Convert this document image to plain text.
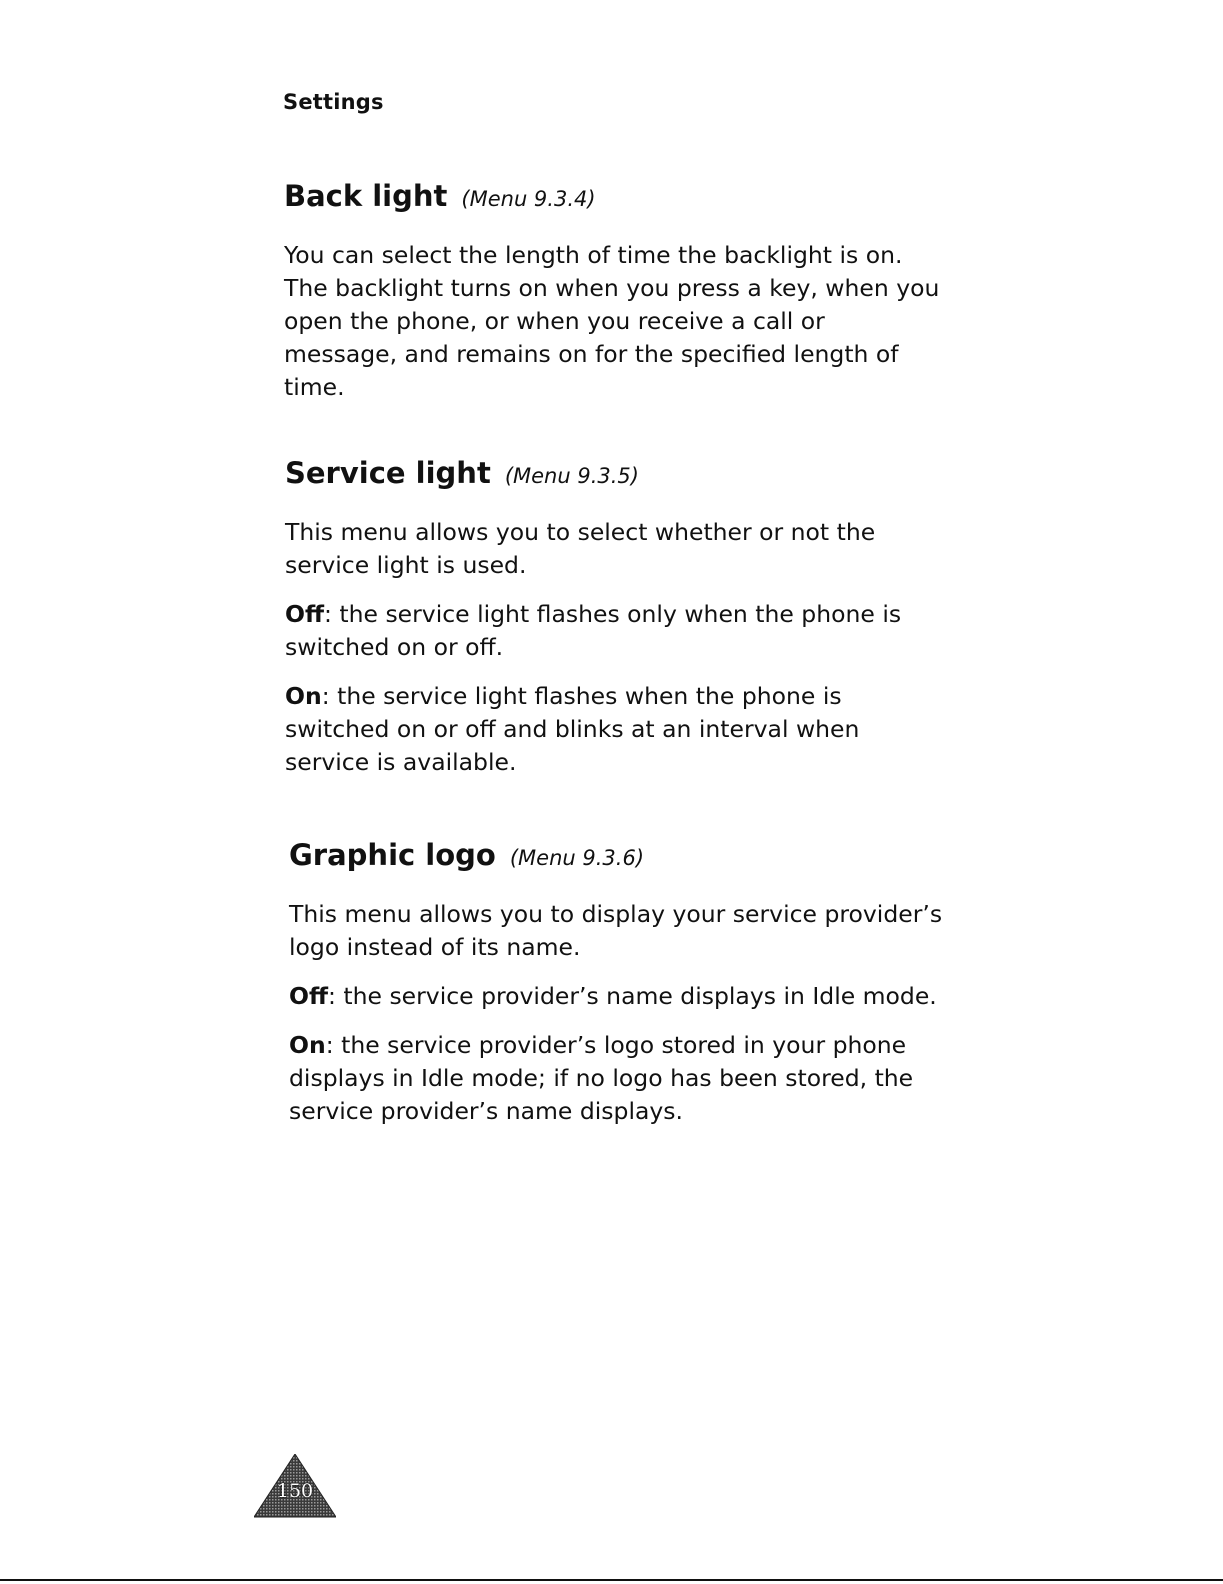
Settings
Back light (Menu 9.3.4)

You can select the length of time the backlight is on. The backlight turns on when you press a key, when you open the phone, or when you receive a call or message, and remains on for the specified length of time.

Service light (Menu 9.3.5)

This menu allows you to select whether or not the service light is used.

Off: the service light flashes only when the phone is switched on or off.

On: the service light flashes when the phone is switched on or off and blinks at an interval when service is available.

Graphic logo (Menu 9.3.6)

This menu allows you to display your service provider’s logo instead of its name.

Off: the service provider’s name displays in Idle mode.

On: the service provider’s logo stored in your phone displays in Idle mode; if no logo has been stored, the service provider’s name displays.

150
